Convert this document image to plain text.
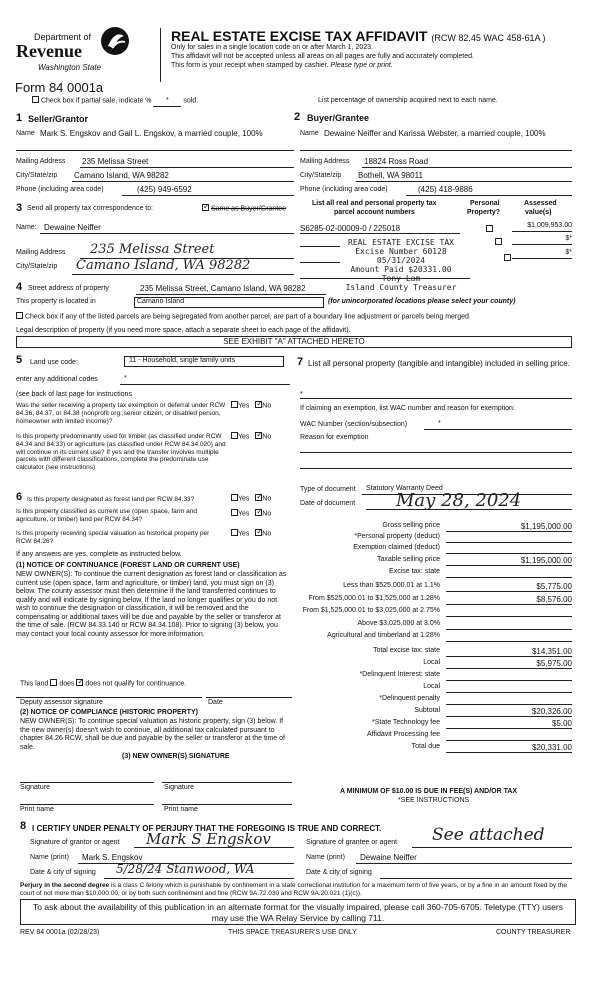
Department of
Revenue
Washington State
Form 84 0001a
REAL ESTATE EXCISE TAX AFFIDAVIT (RCW 82.45 WAC 458-61A )
Only for sales in a single location code on or after March 1, 2023.
This affidavit will not be accepted unless all areas on all pages are fully and accurately completed.
This form is your receipt when stamped by cashier. Please type or print.
Check box if partial sale, indicate % * sold.	List percentage of ownership acquired next to each name.
1 Seller/Grantor
Name Mark S. Engskov and Gail L. Engskov, a married couple, 100%
Mailing Address 235 Melissa Street
City/State/zip Camano Island, WA 98282
Phone (including area code)	(425) 949-6592
2 Buyer/Grantee
Name Dewaine Neiffer and Karissa Webster, a married couple, 100%
Mailing Address 18824 Ross Road
City/State/zip Bothell, WA 98011
Phone (including area code)	(425) 418-9886
3 Send all property tax correspondence to: ✓	Same as Buyer/Grantee
Name: Dewaine Neiffer
Mailing Address 235 Melissa Street
City/State/zip Camano Island, WA 98282
List all real and personal property tax
parcel account numbers
Personal
Property?
Assessed
value(s)
S6285-02-00009-0 / 225018
	$1,009,953.00

$*
$*
REAL ESTATE EXCISE TAX
Excise Number 60128
05/31/2024
Amount Paid $20331.00
Tony Lam
Island County Treasurer
4 Street address of property	235 Melissa Street, Camano Island, WA 98282
This property is located in	Camano Island	(for unincorporated locations please select your county)
Check box if any of the listed parcels are being segregated from another parcel, are part of a boundary line adjustment or parcels being merged.
Legal description of property (if you need more space, attach a separate sheet to each page of the affidavit).
SEE EXHIBIT "A" ATTACHED HERETO
5 Land use code:	11 - Household, single family units
enter any additional codes	*
(see back of last page for instructions
Was the seller receiving a property tax exemption or deferral under RCW 84.36, 84.37, or 84.38 (nonprofit org.,senior citizen, or disabled person, homeowner with limited income)?
Yes ✓ No
Is this property predominantly used for timber (as classified under RCW 84.34 and 84.33) or agriculture (as classified under RCW 84.34.020) and will continue in its current use? If yes and the transfer involves multiple parcels with different classifications, complete the predominate use calculator (see instructions)
Yes ✓ No
6 Is this property designated as forest land per RCW 84.33?	Yes ✓ No
Is this property classified as current use (open space, farm and agriculture, or timber) land per RCW 84.34?
Yes ✓ No
Is this property receiving special valuation as historical property per RCW 84.26?
Yes ✓ No
If any answers are yes, complete as instructed below.
(1) NOTICE OF CONTINUANCE (FOREST LAND OR CURRENT USE)
NEW OWNER(S): To continue the current designation as forest land or classification as current use (open space, farm and agriculture, or timber) land, you must sign on (3) below. The county assessor must then determine if the land transferred continues to qualify and will indicate by signing below. If the land no longer qualifies or you do not wish to continue the designation or classification, it will be removed and the compensating or additional taxes will be due and payable by the seller or transferor at the time of sale. (RCW 84.33.140 or RCW 84.34.108). Prior to signing (3) below, you may contact your local county assessor for more information.
This land does ✓ does not qualify for continuance.
Deputy assessor signature	Date
(2) NOTICE OF COMPLIANCE (HISTORIC PROPERTY)
NEW OWNER(S): To continue special valuation as historic property, sign (3) below. If the new owner(s) doesn't wish to continue, all additional tax calculated pursuant to chapter 84.26 RCW, shall be due and payable by the seller or transferor at the time of sale.
(3) NEW OWNER(S) SIGNATURE
Signature	Signature
Print name	Print name
7 List all personal property (tangible and intangible) included in selling price.
*
If claiming an exemption, list WAC number and reason for exemption:
WAC Number (section/subsection)	*
Reason for exemption
Type of document Statutory Warranty Deed
Date of document May 28, 2024
Gross selling price	$1,195,000.00
*Personal property (deduct)
Exemption claimed (deduct)
Taxable selling price	$1,195,000.00
Excise tax: state
Less than $525,000.01 at 1.1%	$5,775.00
From $525,000.01 to $1,525,000 at 1.28%	$8,576.00
From $1,525,000.01 to $3,025,000 at 2.75%
Above $3,025,000 at 3.0%
Agricultural and timberland at 1.28%
Total excise tax: state	$14,351.00
Local	$5,975.00
*Delinquent Interest: state
Local
*Delinquent penalty
Subtotal	$20,326.00
*State Technology fee	$5.00
Affidavit Processing fee
Total due	$20,331.00
A MINIMUM OF $10.00 IS DUE IN FEE(S) AND/OR TAX
*SEE INSTRUCTIONS
8 I CERTIFY UNDER PENALTY OF PERJURY THAT THE FOREGOING IS TRUE AND CORRECT.
Signature of grantor or agent Mark S Engskov	Signature of grantee or agent See attached
Name (print) Mark S. Engskov	Name (print) Dewaine Neiffer
Date & city of signing 5/28/24 Stanwood, WA	Date & city of signing
Perjury in the second degree is a class C felony which is punishable by confinement in a state correctional institution for a maximum term of five years, or by a fine in an amount fixed by the court of not more than $10,000.00, or by both such confinement and fine (RCW 9A.72.030 and RCW 9A.20.021 (1)(c)).
To ask about the availability of this publication in an alternate format for the visually impaired, please call 360-705-6705. Teletype (TTY) users may use the WA Relay Service by calling 711.
REV 84 0001a (02/28/23)	THIS SPACE TREASURER'S USE ONLY	COUNTY TREASURER
